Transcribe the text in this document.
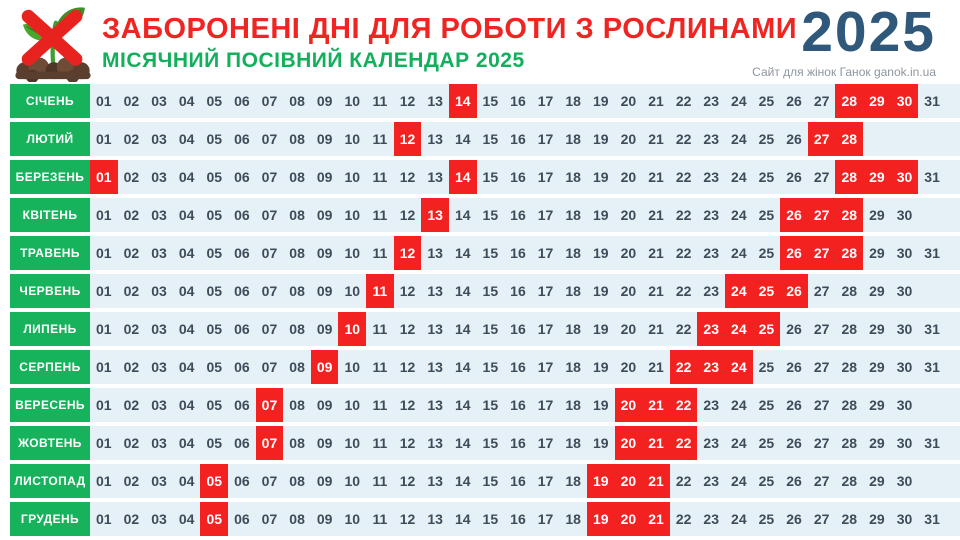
ЗАБОРОНЕНІ ДНІ ДЛЯ РОБОТИ З РОСЛИНАМИ
МІСЯЧНИЙ ПОСІВНИЙ КАЛЕНДАР 2025	2025
Сайт для жінок Ганок ganok.in.ua
СІЧЕНЬ	01 02 03 04 05 06 07 08 09 10 11 12 13 14 15 16 17 18 19 20 21 22 23 24 25 26 27 28 29 30 31
ЛЮТИЙ	01 02 03 04 05 06 07 08 09 10 11 12 13 14 15 16 17 18 19 20 21 22 23 24 25 26 27 28
БЕРЕЗЕНЬ 01 02 03 04 05 06 07 08 09 10 11 12 13 14 15 16 17 18 19 20 21 22 23 24 25 26 27 28 29 30 31
КВІТЕНЬ	01 02 03 04 05 06 07 08 09 10 11 12 13 14 15 16 17 18 19 20 21 22 23 24 25 26 27 28 29 30
ТРАВЕНЬ	01 02 03 04 05 06 07 08 09 10 11 12 13 14 15 16 17 18 19 20 21 22 23 24 25 26 27 28 29 30 31
ЧЕРВЕНЬ	01 02 03 04 05 06 07 08 09 10 11 12 13 14 15 16 17 18 19 20 21 22 23 24 25 26 27 28 29 30
ЛИПЕНЬ	01 02 03 04 05 06 07 08 09 10 11 12 13 14 15 16 17 18 19 20 21 22 23 24 25 26 27 28 29 30 31
СЕРПЕНЬ	01 02 03 04 05 06 07 08 09 10 11 12 13 14 15 16 17 18 19 20 21 22 23 24 25 26 27 28 29 30 31
ВЕРЕСЕНЬ 01 02 03 04 05 06 07 08 09 10 11 12 13 14 15 16 17 18 19 20 21 22 23 24 25 26 27 28 29 30
ЖОВТЕНЬ	01 02 03 04 05 06 07 08 09 10 11 12 13 14 15 16 17 18 19 20 21 22 23 24 25 26 27 28 29 30 31
ЛИСТОПАД 01 02 03 04 05 06 07 08 09 10 11 12 13 14 15 16 17 18 19 20 21 22 23 24 25 26 27 28 29 30
ГРУДЕНЬ	01 02 03 04 05 06 07 08 09 10 11 12 13 14 15 16 17 18 19 20 21 22 23 24 25 26 27 28 29 30 31
